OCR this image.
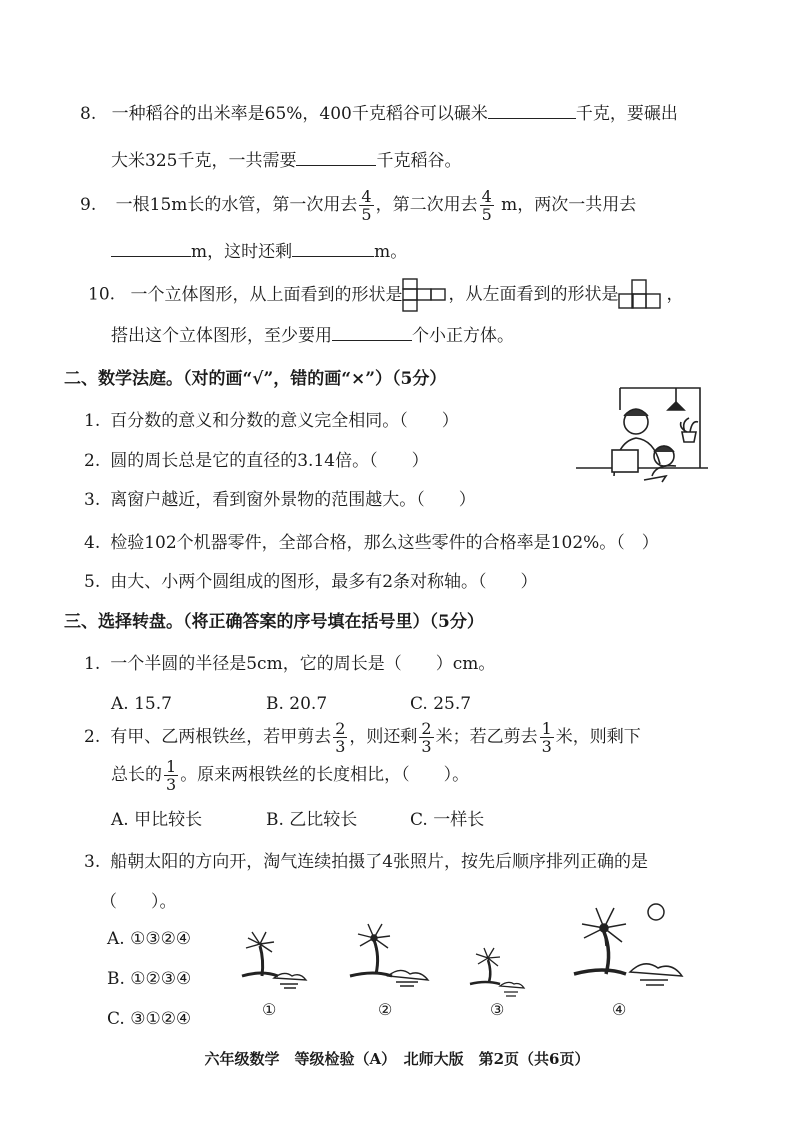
8. 一种稻谷的出米率是65%，400千克稻谷可以碾米	千克，要碾出
大米325千克，一共需要	千克稻谷。
9. 一根15m长的水管，第一次用去 $\frac{4}{5}$ ，第二次用去 $\frac{4}{5}$ m，两次一共用去
m，这时还剩	m。
10. 一个立体图形，从上面看到的形状是	，从左面看到的形状是	，
搭出这个立体图形，至少要用	个小正方体。
二、数学法庭。（对的画“√”，错的画“×”）（5分）
1. 百分数的意义和分数的意义完全相同。（　　）
2. 圆的周长总是它的直径的3.14倍。（　　）
3. 离窗户越近，看到窗外景物的范围越大。（　　）
4. 检验102个机器零件，全部合格，那么这些零件的合格率是102%。（　）
5. 由大、小两个圆组成的图形，最多有2条对称轴。（　　）
三、选择转盘。（将正确答案的序号填在括号里）（5分）
1. 一个半圆的半径是5cm，它的周长是（　　）cm。
A. 15.7	B. 20.7	C. 25.7
2. 有甲、乙两根铁丝，若甲剪去 $\frac{2}{3}$ ，则还剩 $\frac{2}{3}$ 米；若乙剪去 $\frac{1}{3}$ 米，则剩下
总长的 $\frac{1}{3}$ 。原来两根铁丝的长度相比，（　　）。
A. 甲比较长	B. 乙比较长	C. 一样长
3. 船朝太阳的方向开，淘气连续拍摄了4张照片，按先后顺序排列正确的是
（　　）。
A. ①③②④
B. ①②③④
C. ③①②④	①	②	③	④
六年级数学　等级检验（A）　北师大版　第2页（共6页）
